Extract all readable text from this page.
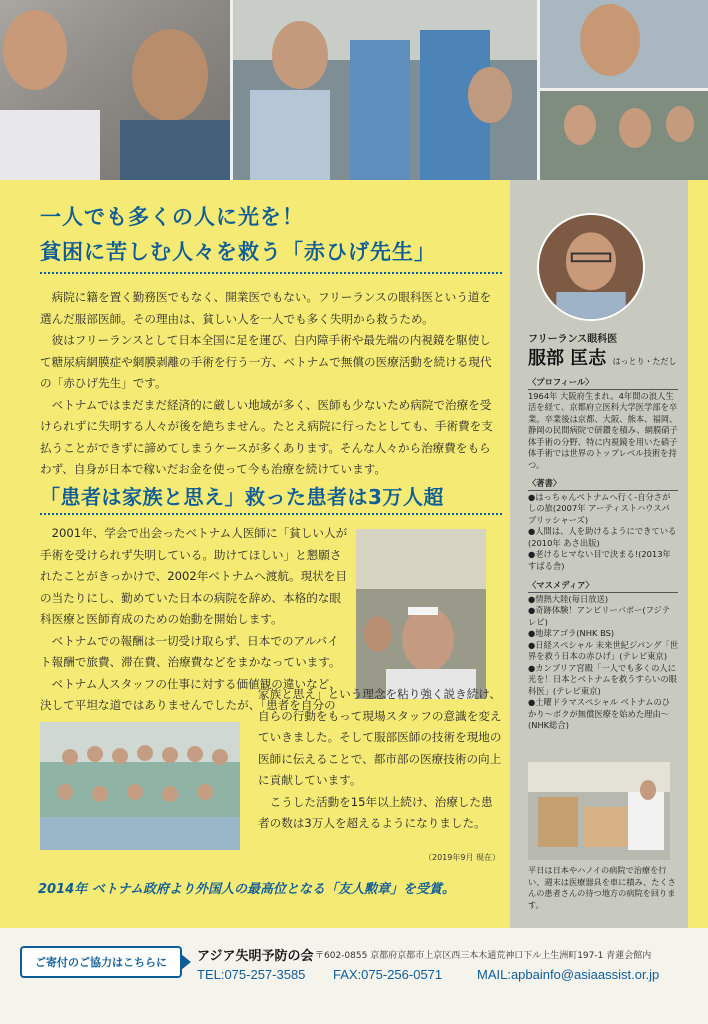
一人でも多くの人に光を！
貧困に苦しむ人々を救う「赤ひげ先生」

病院に籍を置く勤務医でもなく、開業医でもない。フリーランスの眼科医という道を選んだ服部医師。その理由は、貧しい人を一人でも多く失明から救うため。

彼はフリーランスとして日本全国に足を運び、白内障手術や最先端の内視鏡を駆使して糖尿病網膜症や網膜剥離の手術を行う一方、ベトナムで無償の医療活動を続ける現代の「赤ひげ先生」です。

ベトナムではまだまだ経済的に厳しい地域が多く、医師も少ないため病院で治療を受けられずに失明する人々が後を絶ちません。たとえ病院に行ったとしても、手術費を支払うことができずに諦めてしまうケースが多くあります。そんな人々から治療費をもらわず、自身が日本で稼いだお金を使って今も治療を続けています。

「患者は家族と思え」救った患者は3万人超

2001年、学会で出会ったベトナム人医師に「貧しい人が手術を受けられず失明している。助けてほしい」と懇願されたことがきっかけで、2002年ベトナムへ渡航。現状を目の当たりにし、勤めていた日本の病院を辞め、本格的な眼科医療と医師育成のための始動を開始します。

ベトナムでの報酬は一切受け取らず、日本でのアルバイト報酬で旅費、滞在費、治療費などをまかなっています。

ベトナム人スタッフの仕事に対する価値観の違いなど、決して平坦な道ではありませんでしたが、「患者を自分の

家族と思え」という理念を粘り強く説き続け、自らの行動をもって現場スタッフの意識を変えていきました。そして服部医師の技術を現地の医師に伝えることで、都市部の医療技術の向上に貢献しています。

こうした活動を15年以上続け、治療した患者の数は3万人を超えるようになりました。

（2019年9月 現在）
2014年 ベトナム政府より外国人の最高位となる「友人勲章」を受賞。
フリーランス眼科医
服部 匡志 はっとり・ただし
〈プロフィール〉
1964年 大阪府生まれ。4年間の浪人生活を経て、京都府立医科大学医学部を卒業。卒業後は京都、大阪、熊本、福岡、静岡の民間病院で研鑽を積み、網膜硝子体手術の分野、特に内視鏡を用いた硝子体手術では世界のトップレベル技術を持つ。
〈著書〉
●はっちゃんベトナムへ行く-自分さがしの旅(2007年 アーティストハウスパブリッシャーズ)
●人間は、人を助けるようにできている(2010年 あさ出版)
●老けるヒマない目で決まる!(2013年 すばる舎)
〈マスメディア〉
●情熱大陸(毎日放送)
●奇跡体験！アンビリーバボー(フジテレビ)
●地球アゴラ(NHK BS)
●日経スペシャル 未来世紀ジパング「世界を救う日本の赤ひげ」(テレビ東京)
●カンブリア宮殿「一人でも多くの人に光を！日本とベトナムを救うすらいの眼科医」(テレビ東京)
●土曜ドラマスペシャル ベトナムのひかり～ボクが無償医療を始めた理由～(NHK総合)
平日は日本やハノイの病院で治療を行い、週末は医療器具を車に積み、たくさんの患者さんの待つ地方の病院を回ります。
ご寄付のご協力はこちらに アジア失明予防の会 〒602-0855 京都府京都市上京区西三本木通荒神口下ル上生洲町197-1 青蓮会館内
TEL:075-257-3585 FAX:075-256-0571	MAIL:apbainfo@asiaassist.or.jp
